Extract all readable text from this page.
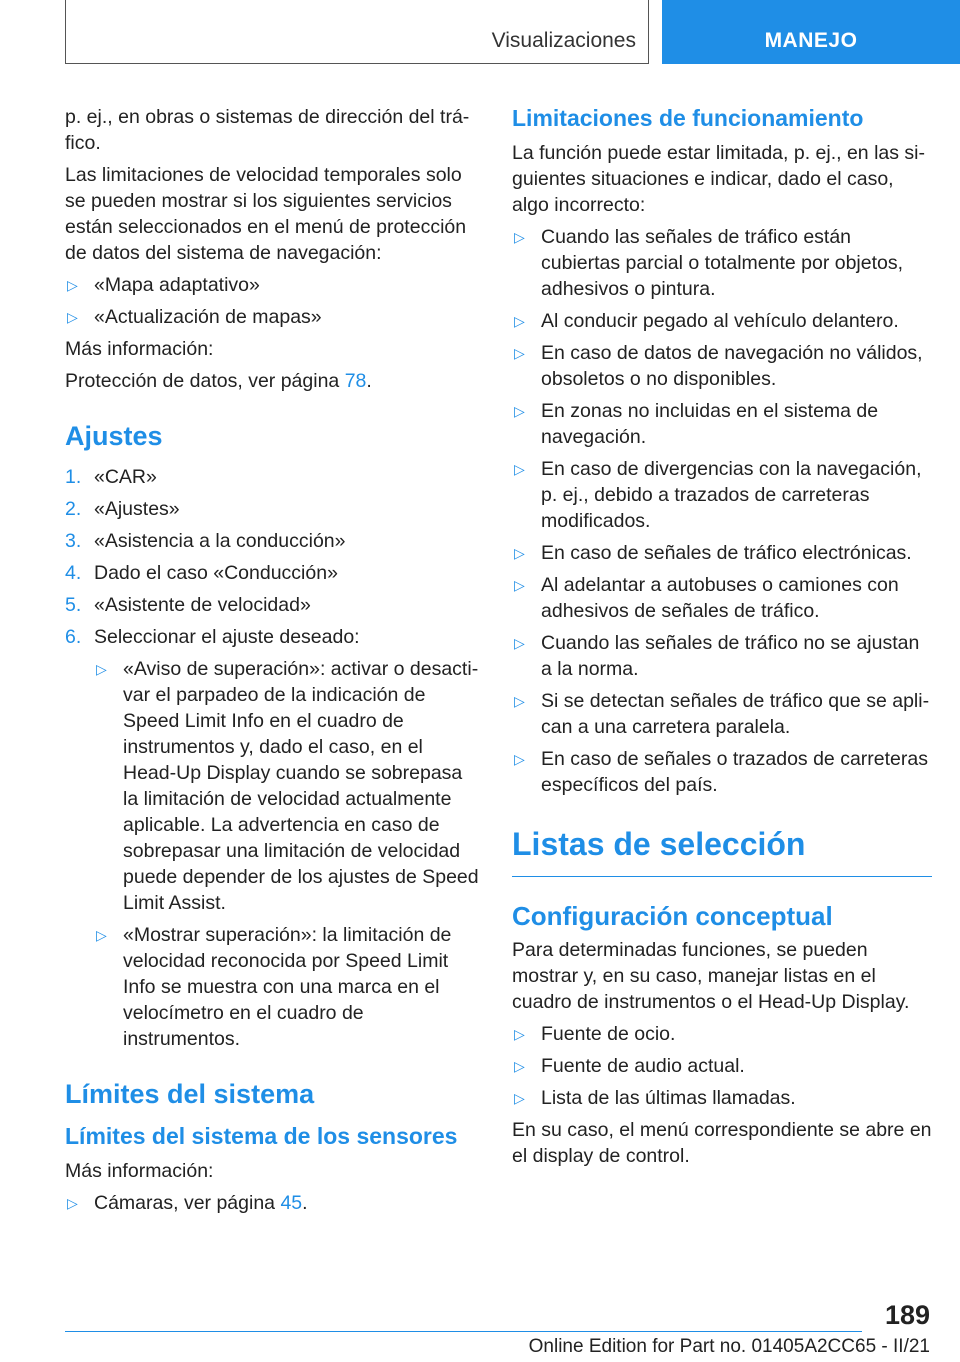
Visualizaciones	MANEJO

p. ej., en obras o sistemas de dirección del tráfico.

Las limitaciones de velocidad temporales solo se pueden mostrar si los siguientes servicios están seleccionados en el menú de protección de datos del sistema de navegación:

▷ «Mapa adaptativo»
▷ «Actualización de mapas»

Más información:

Protección de datos, ver página 78.

Ajustes
1. «CAR»
2. «Ajustes»
3. «Asistencia a la conducción»
4. Dado el caso «Conducción»
5. «Asistente de velocidad»
6. Seleccionar el ajuste deseado:
▷ «Aviso de superación»: activar o desactivar el parpadeo de la indicación de Speed Limit Info en el cuadro de instrumentos y, dado el caso, en el Head-Up Display cuando se sobrepasa la limitación de velocidad actualmente aplicable. La advertencia en caso de sobrepasar una limitación de velocidad puede depender de los ajustes de Speed Limit Assist.
▷ «Mostrar superación»: la limitación de velocidad reconocida por Speed Limit Info se muestra con una marca en el velocímetro en el cuadro de instrumentos.
Límites del sistema
Límites del sistema de los sensores

Más información:

▷ Cámaras, ver página 45.
Limitaciones de funcionamiento

La función puede estar limitada, p. ej., en las siguientes situaciones e indicar, dado el caso, algo incorrecto:

▷ Cuando las señales de tráfico están cubiertas parcial o totalmente por objetos, adhesivos o pintura.
▷ Al conducir pegado al vehículo delantero.
▷ En caso de datos de navegación no válidos, obsoletos o no disponibles.
▷ En zonas no incluidas en el sistema de navegación.
▷ En caso de divergencias con la navegación, p. ej., debido a trazados de carreteras modificados.
▷ En caso de señales de tráfico electrónicas.
▷ Al adelantar a autobuses o camiones con adhesivos de señales de tráfico.
▷ Cuando las señales de tráfico no se ajustan a la norma.
▷ Si se detectan señales de tráfico que se aplican a una carretera paralela.
▷ En caso de señales o trazados de carreteras específicos del país.
Listas de selección
Configuración conceptual

Para determinadas funciones, se pueden mostrar y, en su caso, manejar listas en el cuadro de instrumentos o el Head-Up Display.

▷ Fuente de ocio.
▷ Fuente de audio actual.
▷ Lista de las últimas llamadas.

En su caso, el menú correspondiente se abre en el display de control.

189
Online Edition for Part no. 01405A2CC65 - II/21
